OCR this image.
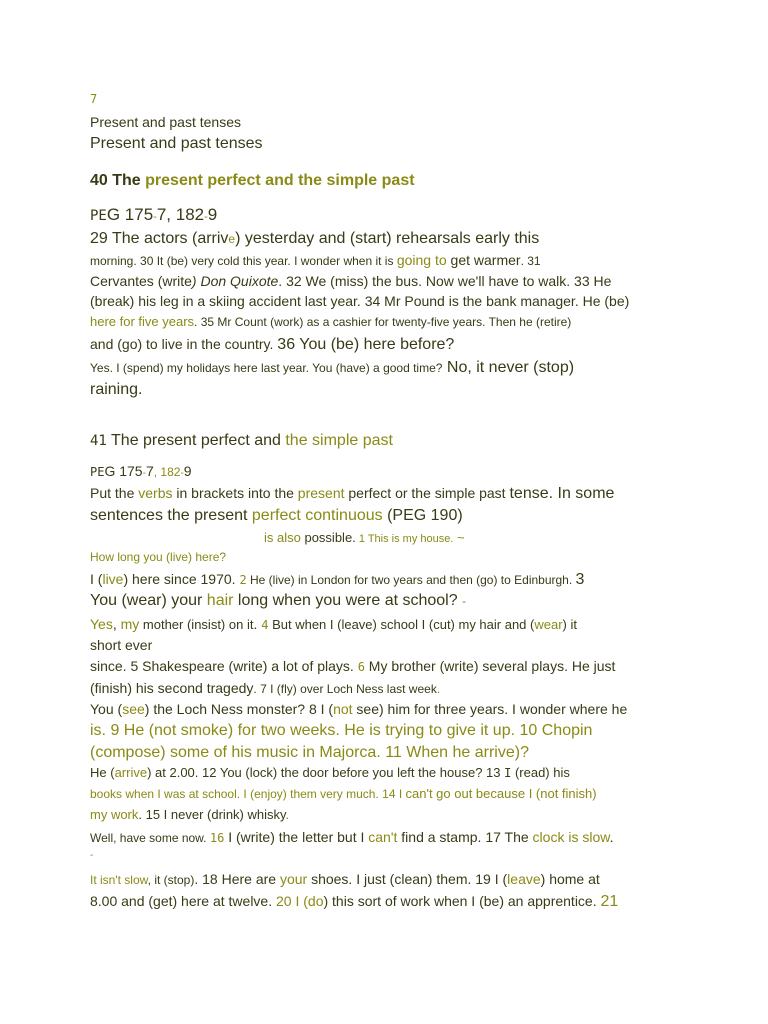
7
Present and past tenses
Present and past tenses
40 The present perfect and the simple past
PEG 175-7, 182-9
29 The actors (arrive) yesterday and (start) rehearsals early this
morning. 30 It (be) very cold this year. I wonder when it is going to get warmer. 31
Cervantes (write) Don Quixote. 32 We (miss) the bus. Now we'll have to walk. 33 He
(break) his leg in a skiing accident last year. 34 Mr Pound is the bank manager. He (be)
here for five years. 35 Mr Count (work) as a cashier for twenty-five years. Then he (retire)
and (go) to live in the country. 36 You (be) here before?
Yes. I (spend) my holidays here last year. You (have) a good time? No, it never (stop)
raining.
41 The present perfect and the simple past
PEG 175-7, 182-9
Put the verbs in brackets into the present perfect or the simple past tense. In some
sentences the present perfect continuous (PEG 190)
is also possible. 1 This is my house. ~
How long you (live) here?
I (live) here since 1970. 2 He (live) in London for two years and then (go) to Edinburgh. 3
You (wear) your hair long when you were at school? -
Yes, my mother (insist) on it. 4 But when I (leave) school I (cut) my hair and (wear) it
short ever
since. 5 Shakespeare (write) a lot of plays. 6 My brother (write) several plays. He just
(finish) his second tragedy. 7 I (fly) over Loch Ness last week.
You (see) the Loch Ness monster? 8 I (not see) him for three years. I wonder where he
is. 9 He (not smoke) for two weeks. He is trying to give it up. 10 Chopin
(compose) some of his music in Majorca. 11 When he arrive)?
He (arrive) at 2.00. 12 You (lock) the door before you left the house? 13 I (read) his
books when I was at school. I (enjoy) them very much. 14 I can't go out because I (not finish)
my work. 15 I never (drink) whisky.
Well, have some now. 16 I (write) the letter but I can't find a stamp. 17 The clock is slow.
-
It isn't slow, it (stop). 18 Here are your shoes. I just (clean) them. 19 I (leave) home at
8.00 and (get) here at twelve. 20 I (do) this sort of work when I (be) an apprentice. 21
